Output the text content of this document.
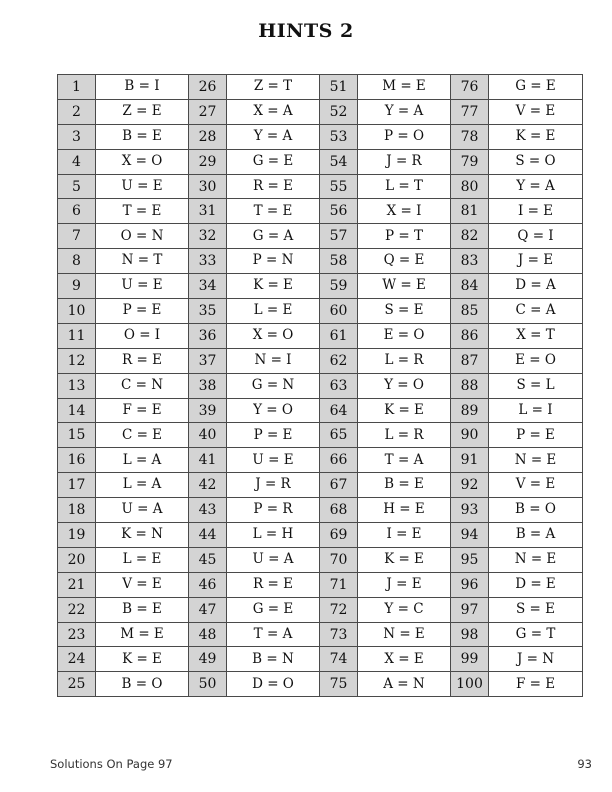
HINTS 2
1	B = I	26	Z = T	51	M = E	76	G = E
2	Z = E	27	X = A	52	Y = A	77	V = E
3	B = E	28	Y = A	53	P = O	78	K = E
4	X = O	29	G = E	54	J = R	79	S = O
5	U = E	30	R = E	55	L = T	80	Y = A
6	T = E	31	T = E	56	X = I	81	I = E
7	O = N	32	G = A	57	P = T	82	Q = I
8	N = T	33	P = N	58	Q = E	83	J = E
9	U = E	34	K = E	59	W = E	84	D = A
10	P = E	35	L = E	60	S = E	85	C = A
11	O = I	36	X = O	61	E = O	86	X = T
12	R = E	37	N = I	62	L = R	87	E = O
13	C = N	38	G = N	63	Y = O	88	S = L
14	F = E	39	Y = O	64	K = E	89	L = I
15	C = E	40	P = E	65	L = R	90	P = E
16	L = A	41	U = E	66	T = A	91	N = E
17	L = A	42	J = R	67	B = E	92	V = E
18	U = A	43	P = R	68	H = E	93	B = O
19	K = N	44	L = H	69	I = E	94	B = A
20	L = E	45	U = A	70	K = E	95	N = E
21	V = E	46	R = E	71	J = E	96	D = E
22	B = E	47	G = E	72	Y = C	97	S = E
23	M = E	48	T = A	73	N = E	98	G = T
24	K = E	49	B = N	74	X = E	99	J = N
25	B = O	50	D = O	75	A = N	100	F = E
Solutions On Page 97	93
